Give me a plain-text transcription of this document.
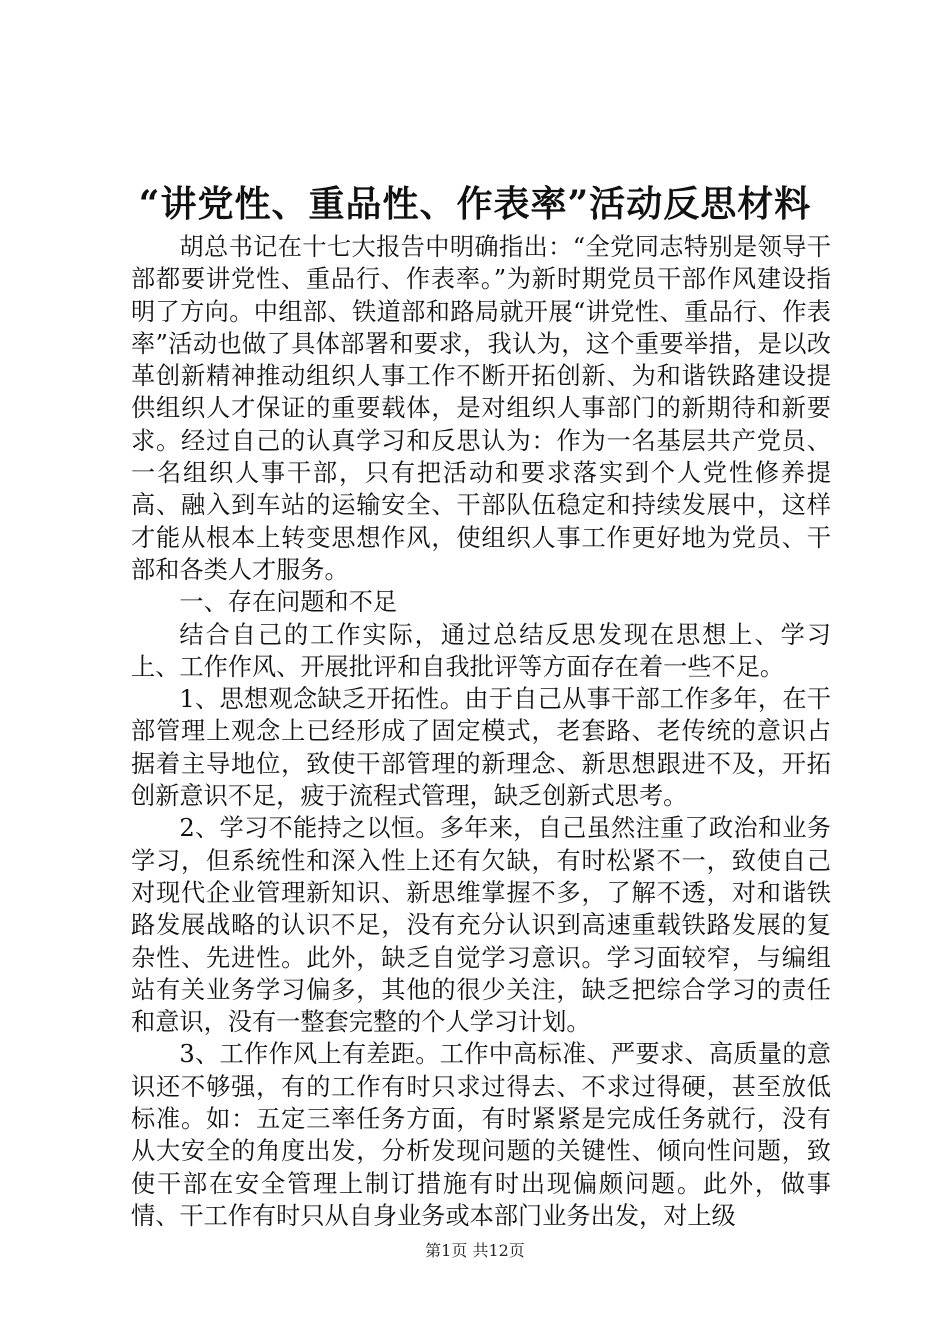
“讲党性、重品性、作表率”活动反思材料

胡总书记在十七大报告中明确指出：“全党同志特别是领导干部都要讲党性、重品行、作表率。”为新时期党员干部作风建设指明了方向。中组部、铁道部和路局就开展“讲党性、重品行、作表率”活动也做了具体部署和要求，我认为，这个重要举措，是以改革创新精神推动组织人事工作不断开拓创新、为和谐铁路建设提供组织人才保证的重要载体，是对组织人事部门的新期待和新要求。经过自己的认真学习和反思认为：作为一名基层共产党员、一名组织人事干部，只有把活动和要求落实到个人党性修养提高、融入到车站的运输安全、干部队伍稳定和持续发展中，这样才能从根本上转变思想作风，使组织人事工作更好地为党员、干部和各类人才服务。

一、存在问题和不足

结合自己的工作实际，通过总结反思发现在思想上、学习上、工作作风、开展批评和自我批评等方面存在着一些不足。

1、思想观念缺乏开拓性。由于自己从事干部工作多年，在干部管理上观念上已经形成了固定模式，老套路、老传统的意识占据着主导地位，致使干部管理的新理念、新思想跟进不及，开拓创新意识不足，疲于流程式管理，缺乏创新式思考。

2、学习不能持之以恒。多年来，自己虽然注重了政治和业务学习，但系统性和深入性上还有欠缺，有时松紧不一，致使自己对现代企业管理新知识、新思维掌握不多，了解不透，对和谐铁路发展战略的认识不足，没有充分认识到高速重载铁路发展的复杂性、先进性。此外，缺乏自觉学习意识。学习面较窄，与编组站有关业务学习偏多，其他的很少关注，缺乏把综合学习的责任和意识，没有一整套完整的个人学习计划。

3、工作作风上有差距。工作中高标准、严要求、高质量的意识还不够强，有的工作有时只求过得去、不求过得硬，甚至放低标准。如：五定三率任务方面，有时紧紧是完成任务就行，没有从大安全的角度出发，分析发现问题的关键性、倾向性问题，致使干部在安全管理上制订措施有时出现偏颇问题。此外，做事情、干工作有时只从自身业务或本部门业务出发，对上级

第1页 共12页
